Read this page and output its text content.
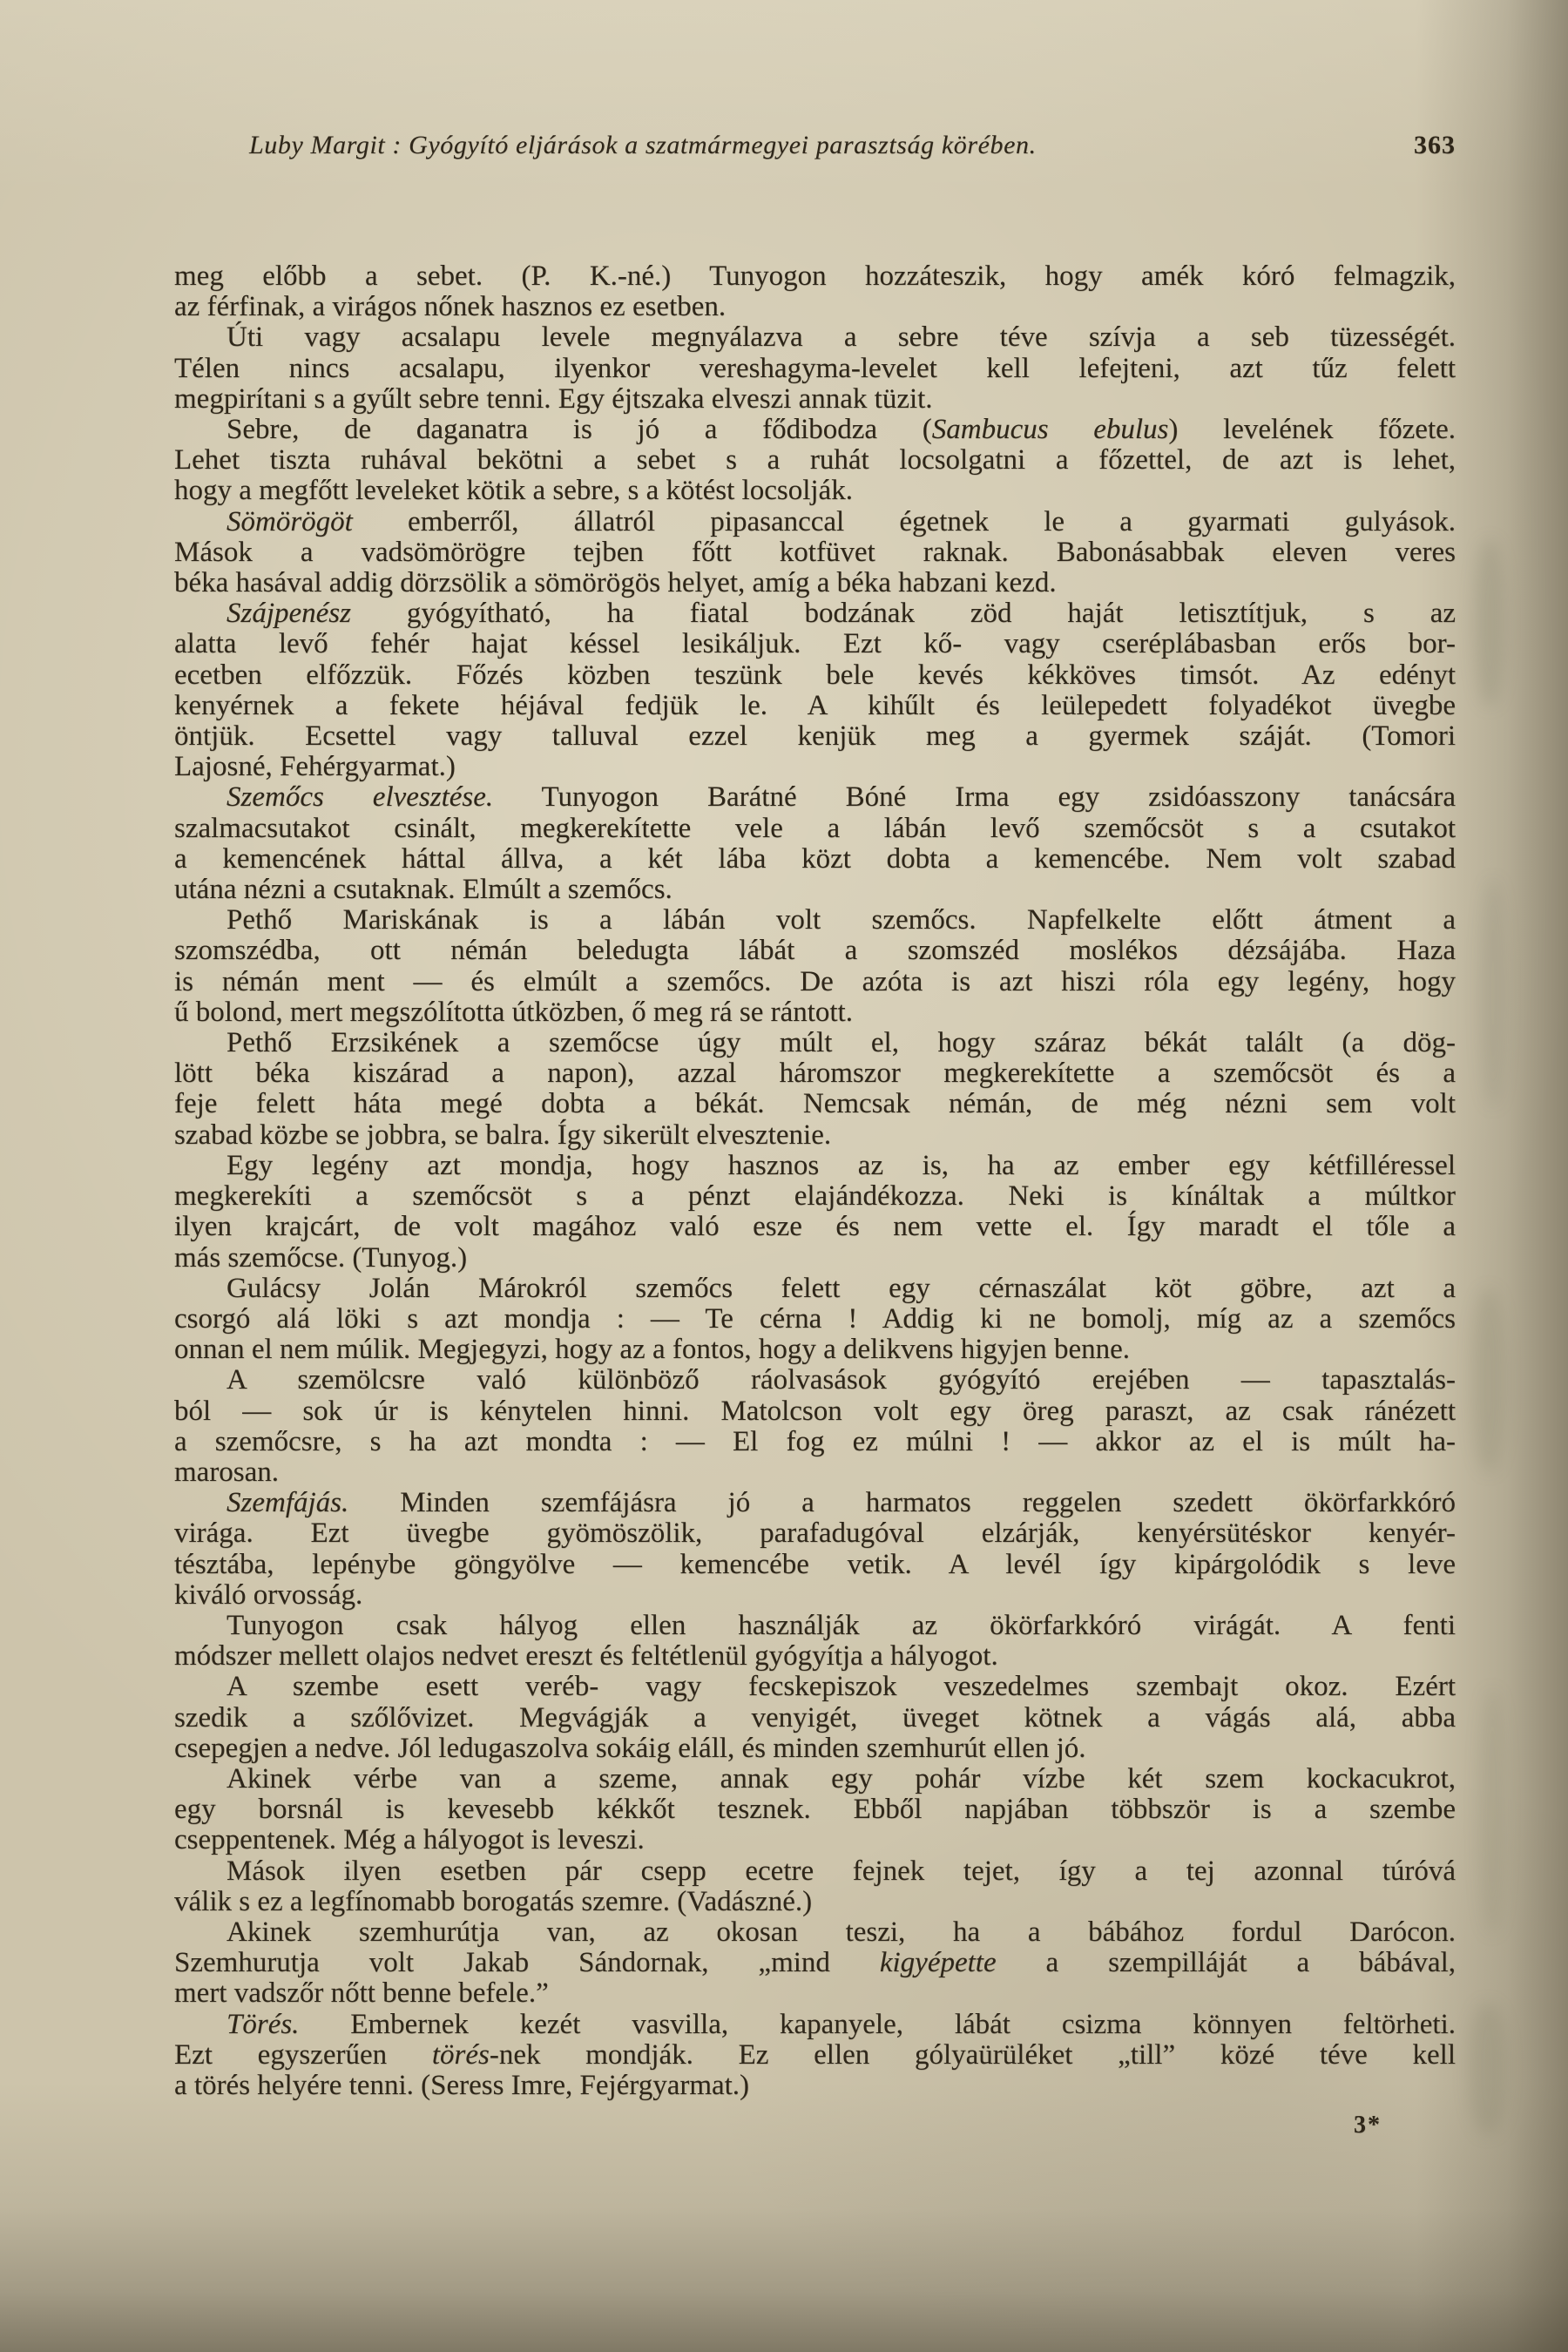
Luby Margit : Gyógyító eljárások a szatmármegyei parasztság körében.	363
meg előbb a sebet. (P. K.-né.) Tunyogon hozzáteszik, hogy amék kóró felmagzik,
az férfinak, a virágos nőnek hasznos ez esetben.
Úti vagy acsalapu levele megnyálazva a sebre téve szívja a seb tüzességét.
Télen nincs acsalapu, ilyenkor vereshagyma-levelet kell lefejteni, azt tűz felett
megpirítani s a gyűlt sebre tenni. Egy éjtszaka elveszi annak tüzit.
Sebre, de daganatra is jó a fődibodza (Sambucus ebulus) levelének főzete.
Lehet tiszta ruhával bekötni a sebet s a ruhát locsolgatni a főzettel, de azt is lehet,
hogy a megfőtt leveleket kötik a sebre, s a kötést locsolják.
Sömörögöt emberről, állatról pipasanccal égetnek le a gyarmati gulyások.
Mások a vadsömörögre tejben főtt kotfüvet raknak. Babonásabbak eleven veres
béka hasával addig dörzsölik a sömörögös helyet, amíg a béka habzani kezd.
Szájpenész gyógyítható, ha fiatal bodzának zöd haját letisztítjuk, s az
alatta levő fehér hajat késsel lesikáljuk. Ezt kő- vagy cseréplábasban erős bor-
ecetben elfőzzük. Főzés közben teszünk bele kevés kékköves timsót. Az edényt
kenyérnek a fekete héjával fedjük le. A kihűlt és leülepedett folyadékot üvegbe
öntjük. Ecsettel vagy talluval ezzel kenjük meg a gyermek száját. (Tomori
Lajosné, Fehérgyarmat.)
Szemőcs elvesztése. Tunyogon Barátné Bóné Irma egy zsidóasszony tanácsára
szalmacsutakot csinált, megkerekítette vele a lábán levő szemőcsöt s a csutakot
a kemencének háttal állva, a két lába közt dobta a kemencébe. Nem volt szabad
utána nézni a csutaknak. Elmúlt a szemőcs.
Pethő Mariskának is a lábán volt szemőcs. Napfelkelte előtt átment a
szomszédba, ott némán beledugta lábát a szomszéd moslékos dézsájába. Haza
is némán ment — és elmúlt a szemőcs. De azóta is azt hiszi róla egy legény, hogy
ű bolond, mert megszólította útközben, ő meg rá se rántott.
Pethő Erzsikének a szemőcse úgy múlt el, hogy száraz békát talált (a dög-
lött béka kiszárad a napon), azzal háromszor megkerekítette a szemőcsöt és a
feje felett háta megé dobta a békát. Nemcsak némán, de még nézni sem volt
szabad közbe se jobbra, se balra. Így sikerült elvesztenie.
Egy legény azt mondja, hogy hasznos az is, ha az ember egy kétfilléressel
megkerekíti a szemőcsöt s a pénzt elajándékozza. Neki is kínáltak a múltkor
ilyen krajcárt, de volt magához való esze és nem vette el. Így maradt el tőle a
más szemőcse. (Tunyog.)
Gulácsy Jolán Márokról szemőcs felett egy cérnaszálat köt göbre, azt a
csorgó alá löki s azt mondja : — Te cérna ! Addig ki ne bomolj, míg az a szemőcs
onnan el nem múlik. Megjegyzi, hogy az a fontos, hogy a delikvens higyjen benne.
A szemölcsre való különböző ráolvasások gyógyító erejében — tapasztalás-
ból — sok úr is kénytelen hinni. Matolcson volt egy öreg paraszt, az csak ránézett
a szemőcsre, s ha azt mondta : — El fog ez múlni ! — akkor az el is múlt ha-
marosan.
Szemfájás. Minden szemfájásra jó a harmatos reggelen szedett ökörfarkkóró
virága. Ezt üvegbe gyömöszölik, parafadugóval elzárják, kenyérsütéskor kenyér-
tésztába, lepénybe göngyölve — kemencébe vetik. A levél így kipárgolódik s leve
kiváló orvosság.
Tunyogon csak hályog ellen használják az ökörfarkkóró virágát. A fenti
módszer mellett olajos nedvet ereszt és feltétlenül gyógyítja a hályogot.
A szembe esett veréb- vagy fecskepiszok veszedelmes szembajt okoz. Ezért
szedik a szőlővizet. Megvágják a venyigét, üveget kötnek a vágás alá, abba
csepegjen a nedve. Jól ledugaszolva sokáig eláll, és minden szemhurút ellen jó.
Akinek vérbe van a szeme, annak egy pohár vízbe két szem kockacukrot,
egy borsnál is kevesebb kékkőt tesznek. Ebből napjában többször is a szembe
cseppentenek. Még a hályogot is leveszi.
Mások ilyen esetben pár csepp ecetre fejnek tejet, így a tej azonnal túróvá
válik s ez a legfínomabb borogatás szemre. (Vadászné.)
Akinek szemhurútja van, az okosan teszi, ha a bábához fordul Darócon.
Szemhurutja volt Jakab Sándornak, „mind kigyépette a szempilláját a bábával,
mert vadszőr nőtt benne befele.”
Törés. Embernek kezét vasvilla, kapanyele, lábát csizma könnyen feltörheti.
Ezt egyszerűen törés-nek mondják. Ez ellen gólyaürüléket „till” közé téve kell
a törés helyére tenni. (Seress Imre, Fejérgyarmat.)
3*
